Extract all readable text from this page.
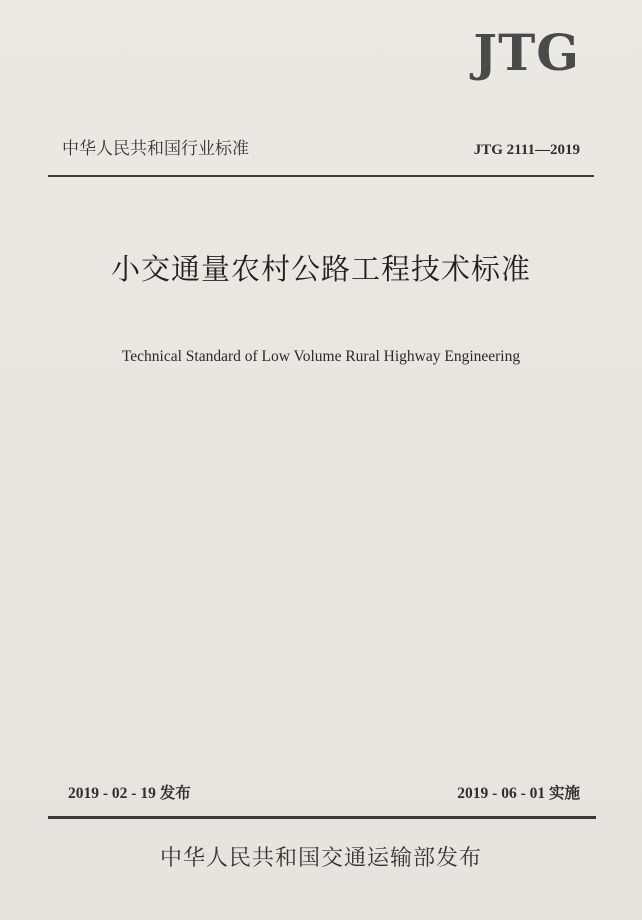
JTG
中华人民共和国行业标准	JTG 2111—2019
小交通量农村公路工程技术标准
Technical Standard of Low Volume Rural Highway Engineering
2019 - 02 - 19 发布	2019 - 06 - 01 实施
中华人民共和国交通运输部发布
